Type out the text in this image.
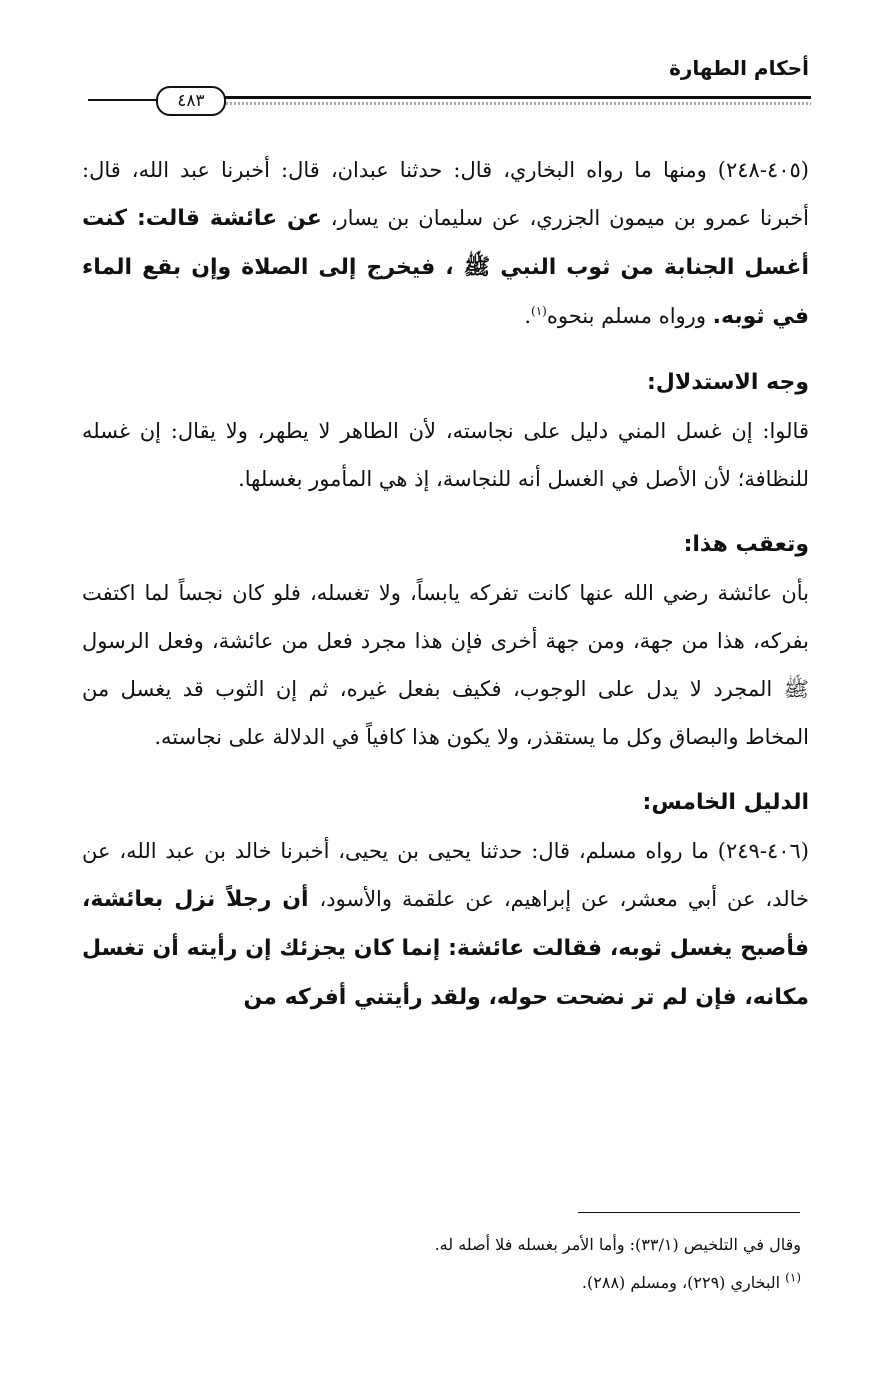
أحكام الطهارة
٤٨٣

(٤٠٥-٢٤٨) ومنها ما رواه البخاري، قال: حدثنا عبدان، قال: أخبرنا عبد الله، قال: أخبرنا عمرو بن ميمون الجزري، عن سليمان بن يسار، عن عائشة قالت: كنت أغسل الجنابة من ثوب النبي ﷺ ، فيخرج إلى الصلاة وإن بقع الماء في ثوبه. ورواه مسلم بنحوه$^{(١)}$.

وجه الاستدلال:

قالوا: إن غسل المني دليل على نجاسته، لأن الطاهر لا يطهر، ولا يقال: إن غسله للنظافة؛ لأن الأصل في الغسل أنه للنجاسة، إذ هي المأمور بغسلها.

وتعقب هذا:

بأن عائشة رضي الله عنها كانت تفركه يابساً، ولا تغسله، فلو كان نجساً لما اكتفت بفركه، هذا من جهة، ومن جهة أخرى فإن هذا مجرد فعل من عائشة، وفعل الرسول ﷺ المجرد لا يدل على الوجوب، فكيف بفعل غيره، ثم إن الثوب قد يغسل من المخاط والبصاق وكل ما يستقذر، ولا يكون هذا كافياً في الدلالة على نجاسته.

الدليل الخامس:

(٤٠٦-٢٤٩) ما رواه مسلم، قال: حدثنا يحيى بن يحيى، أخبرنا خالد بن عبد الله، عن خالد، عن أبي معشر، عن إبراهيم، عن علقمة والأسود، أن رجلاً نزل بعائشة، فأصبح يغسل ثوبه، فقالت عائشة: إنما كان يجزئك إن رأيته أن تغسل مكانه، فإن لم تر نضحت حوله، ولقد رأيتني أفركه من

وقال في التلخيص (٣٣/١): وأما الأمر بغسله فلا أصله له.

$^{(١)}$ البخاري (٢٢٩)، ومسلم (٢٨٨).
